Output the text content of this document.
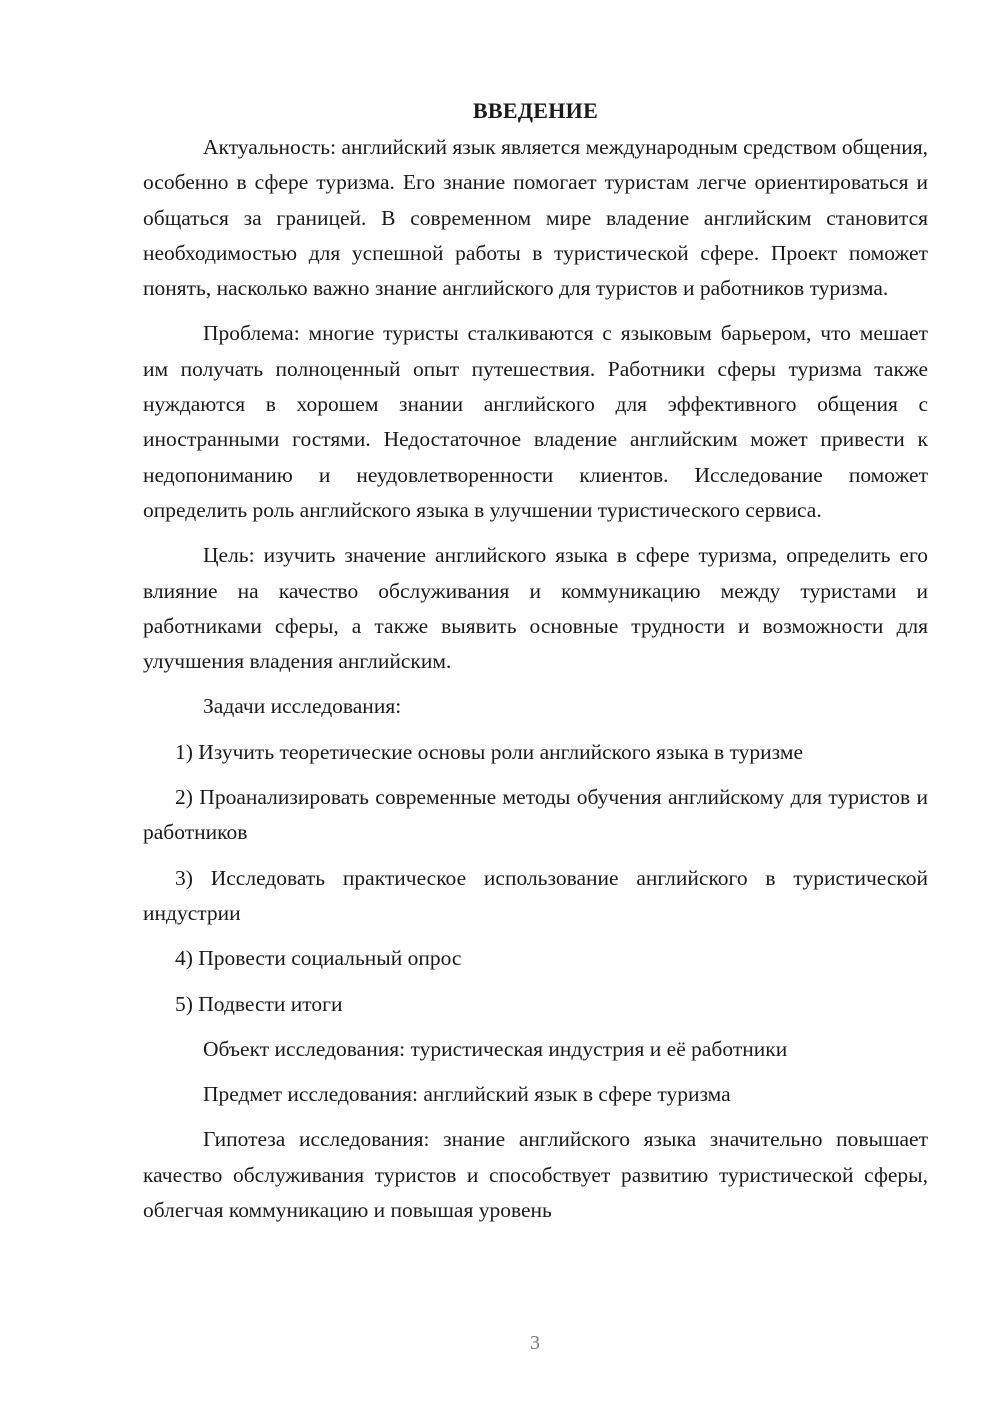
ВВЕДЕНИЕ

Актуальность: английский язык является международным средством общения, особенно в сфере туризма. Его знание помогает туристам легче ориентироваться и общаться за границей. В современном мире владение английским становится необходимостью для успешной работы в туристической сфере. Проект поможет понять, насколько важно знание английского для туристов и работников туризма.

Проблема: многие туристы сталкиваются с языковым барьером, что мешает им получать полноценный опыт путешествия. Работники сферы туризма также нуждаются в хорошем знании английского для эффективного общения с иностранными гостями. Недостаточное владение английским может привести к недопониманию и неудовлетворенности клиентов. Исследование поможет определить роль английского языка в улучшении туристического сервиса.

Цель: изучить значение английского языка в сфере туризма, определить его влияние на качество обслуживания и коммуникацию между туристами и работниками сферы, а также выявить основные трудности и возможности для улучшения владения английским.

Задачи исследования:

1) Изучить теоретические основы роли английского языка в туризме

2) Проанализировать современные методы обучения английскому для туристов и работников

3) Исследовать практическое использование английского в туристической индустрии

4) Провести социальный опрос

5) Подвести итоги

Объект исследования: туристическая индустрия и её работники

Предмет исследования: английский язык в сфере туризма

Гипотеза исследования: знание английского языка значительно повышает качество обслуживания туристов и способствует развитию туристической сферы, облегчая коммуникацию и повышая уровень

3
